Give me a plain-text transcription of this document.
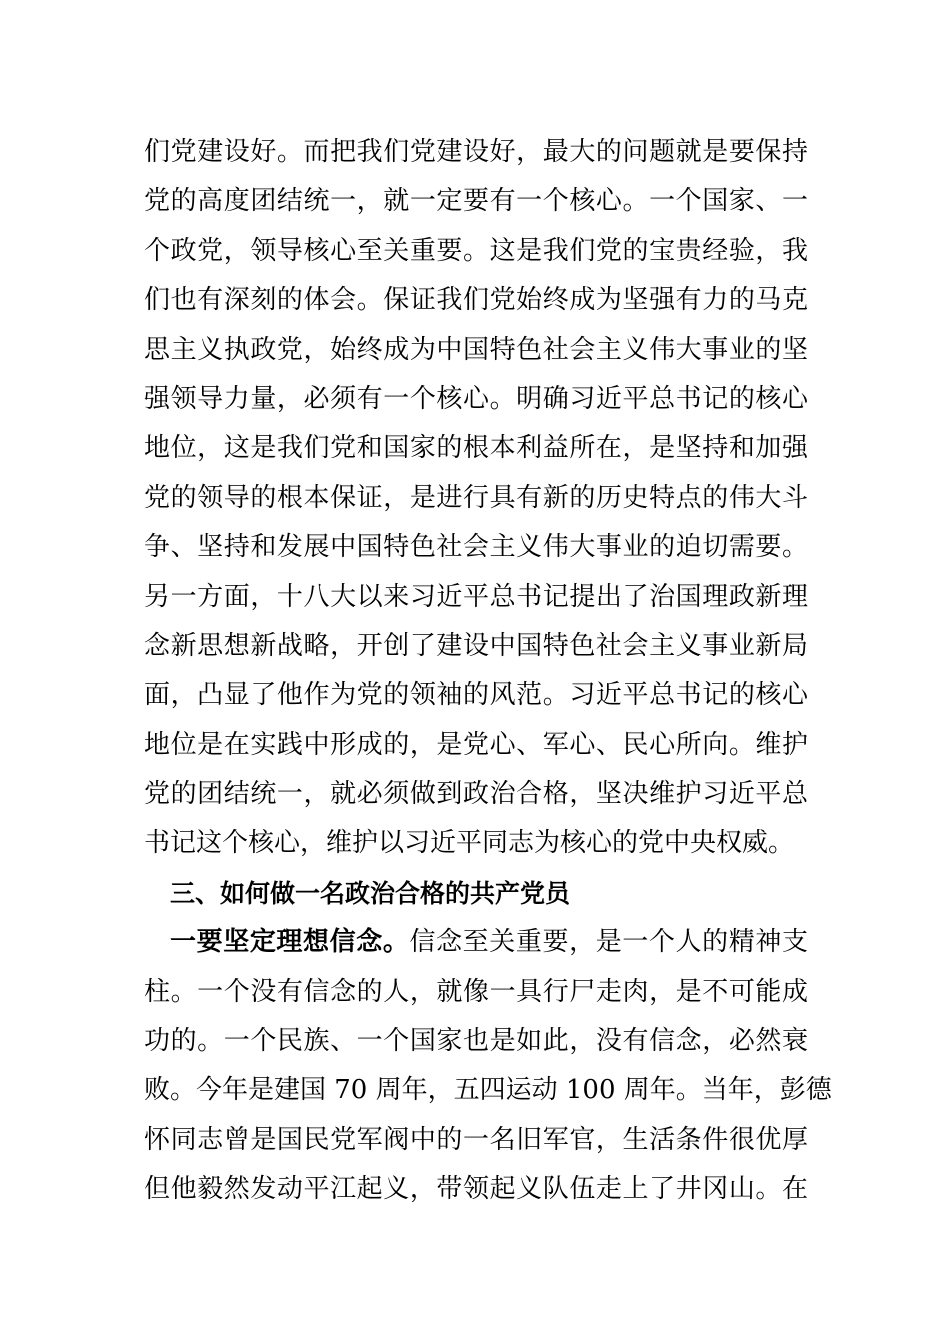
们党建设好。而把我们党建设好，最大的问题就是要保持
党的高度团结统一，就一定要有一个核心。一个国家、一
个政党，领导核心至关重要。这是我们党的宝贵经验，我
们也有深刻的体会。保证我们党始终成为坚强有力的马克
思主义执政党，始终成为中国特色社会主义伟大事业的坚
强领导力量，必须有一个核心。明确习近平总书记的核心
地位，这是我们党和国家的根本利益所在，是坚持和加强
党的领导的根本保证，是进行具有新的历史特点的伟大斗
争、坚持和发展中国特色社会主义伟大事业的迫切需要。
另一方面，十八大以来习近平总书记提出了治国理政新理
念新思想新战略，开创了建设中国特色社会主义事业新局
面，凸显了他作为党的领袖的风范。习近平总书记的核心
地位是在实践中形成的，是党心、军心、民心所向。维护
党的团结统一，就必须做到政治合格，坚决维护习近平总
书记这个核心，维护以习近平同志为核心的党中央权威。
三、如何做一名政治合格的共产党员
一要坚定理想信念。信念至关重要，是一个人的精神支
柱。一个没有信念的人，就像一具行尸走肉，是不可能成
功的。一个民族、一个国家也是如此，没有信念，必然衰
败。今年是建国 70 周年，五四运动 100 周年。当年，彭德
怀同志曾是国民党军阀中的一名旧军官，生活条件很优厚
但他毅然发动平江起义，带领起义队伍走上了井冈山。在
